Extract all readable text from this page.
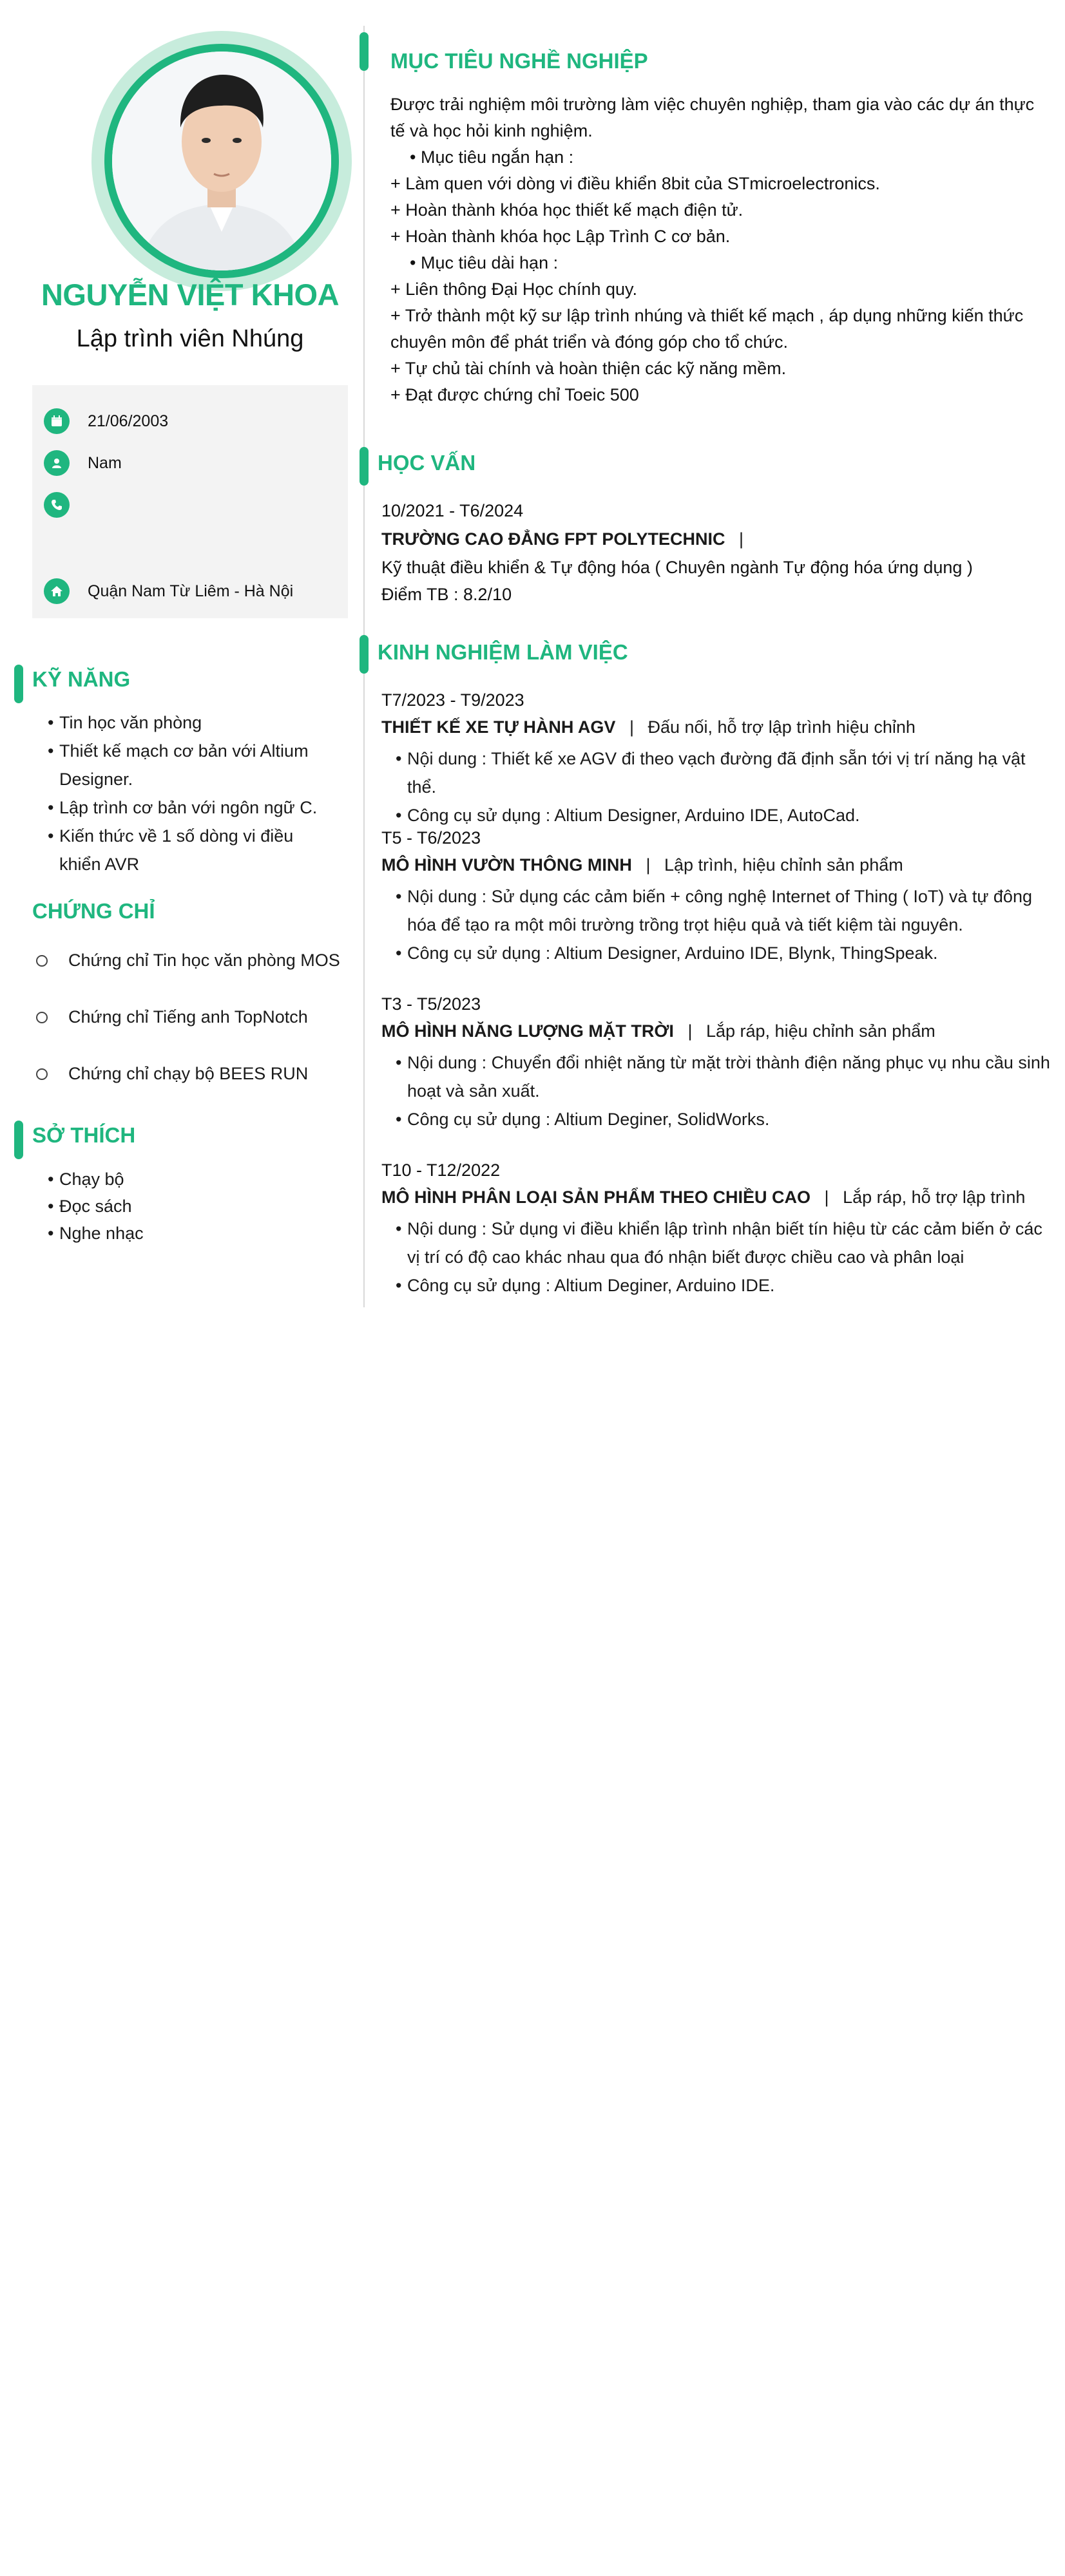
NGUYỄN VIỆT KHOA
Lập trình viên Nhúng
21/06/2003
Nam
Quận Nam Từ Liêm - Hà Nội
KỸ NĂNG
• Tin học văn phòng
• Thiết kế mạch cơ bản với Altium Designer.
• Lập trình cơ bản với ngôn ngữ C.
• Kiến thức về 1 số dòng vi điều khiển AVR
CHỨNG CHỈ
Chứng chỉ Tin học văn phòng MOS
Chứng chỉ Tiếng anh TopNotch
Chứng chỉ chạy bộ BEES RUN
SỞ THÍCH
• Chạy bộ
• Đọc sách
• Nghe nhạc
MỤC TIÊU NGHỀ NGHIỆP
Được trải nghiệm môi trường làm việc chuyên nghiệp, tham gia vào các dự án thực
tế và học hỏi kinh nghiệm.
• Mục tiêu ngắn hạn :
+ Làm quen với dòng vi điều khiển 8bit của STmicroelectronics.
+ Hoàn thành khóa học thiết kế mạch điện tử.
+ Hoàn thành khóa học Lập Trình C cơ bản.
• Mục tiêu dài hạn :
+ Liên thông Đại Học chính quy.
+ Trở thành một kỹ sư lập trình nhúng và thiết kế mạch , áp dụng những kiến thức
chuyên môn để phát triển và đóng góp cho tổ chức.
+ Tự chủ tài chính và hoàn thiện các kỹ năng mềm.
+ Đạt được chứng chỉ Toeic 500
HỌC VẤN
10/2021 - T6/2024
TRƯỜNG CAO ĐẲNG FPT POLYTECHNIC |
Kỹ thuật điều khiển & Tự động hóa ( Chuyên ngành Tự động hóa ứng dụng )
Điểm TB : 8.2/10
KINH NGHIỆM LÀM VIỆC
T7/2023 - T9/2023
THIẾT KẾ XE TỰ HÀNH AGV | Đấu nối, hỗ trợ lập trình hiệu chỉnh
• Nội dung : Thiết kế xe AGV đi theo vạch đường đã định sẵn tới vị trí năng hạ vật thể.
• Công cụ sử dụng : Altium Designer, Arduino IDE, AutoCad.
T5 - T6/2023
MÔ HÌNH VƯỜN THÔNG MINH | Lập trình, hiệu chỉnh sản phẩm
• Nội dung : Sử dụng các cảm biến + công nghệ Internet of Thing ( IoT) và tự đông hóa để tạo ra một môi trường trồng trọt hiệu quả và tiết kiệm tài nguyên.
• Công cụ sử dụng : Altium Designer, Arduino IDE, Blynk, ThingSpeak.
T3 - T5/2023
MÔ HÌNH NĂNG LƯỢNG MẶT TRỜI | Lắp ráp, hiệu chỉnh sản phẩm
• Nội dung : Chuyển đổi nhiệt năng từ mặt trời thành điện năng phục vụ nhu cầu sinh hoạt và sản xuất.
• Công cụ sử dụng : Altium Deginer, SolidWorks.
T10 - T12/2022
MÔ HÌNH PHÂN LOẠI SẢN PHẨM THEO CHIỀU CAO | Lắp ráp, hỗ trợ lập trình
• Nội dung : Sử dụng vi điều khiển lập trình nhận biết tín hiệu từ các cảm biến ở các vị trí có độ cao khác nhau qua đó nhận biết được chiều cao và phân loại
• Công cụ sử dụng : Altium Deginer, Arduino IDE.
